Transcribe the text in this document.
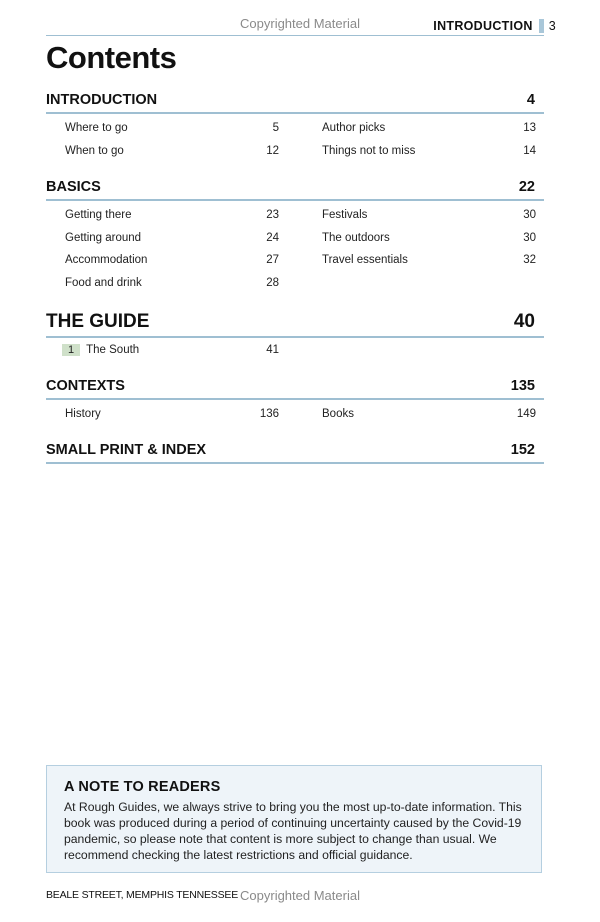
Copyrighted Material	INTRODUCTION 3
Contents
INTRODUCTION	4
Where to go	5	Author picks	13
When to go	12	Things not to miss	14
BASICS	22
Getting there	23	Festivals	30
Getting around	24	The outdoors	30
Accommodation	27	Travel essentials	32
Food and drink	28
THE GUIDE	40
1 The South	41
CONTEXTS	135
History	136	Books	149
SMALL PRINT & INDEX	152
A NOTE TO READERS
At Rough Guides, we always strive to bring you the most up-to-date information. This book was produced during a period of continuing uncertainty caused by the Covid-19 pandemic, so please note that content is more subject to change than usual. We recommend checking the latest restrictions and official guidance.
BEALE STREET, MEMPHIS TENNESSEE Copyrighted Material
